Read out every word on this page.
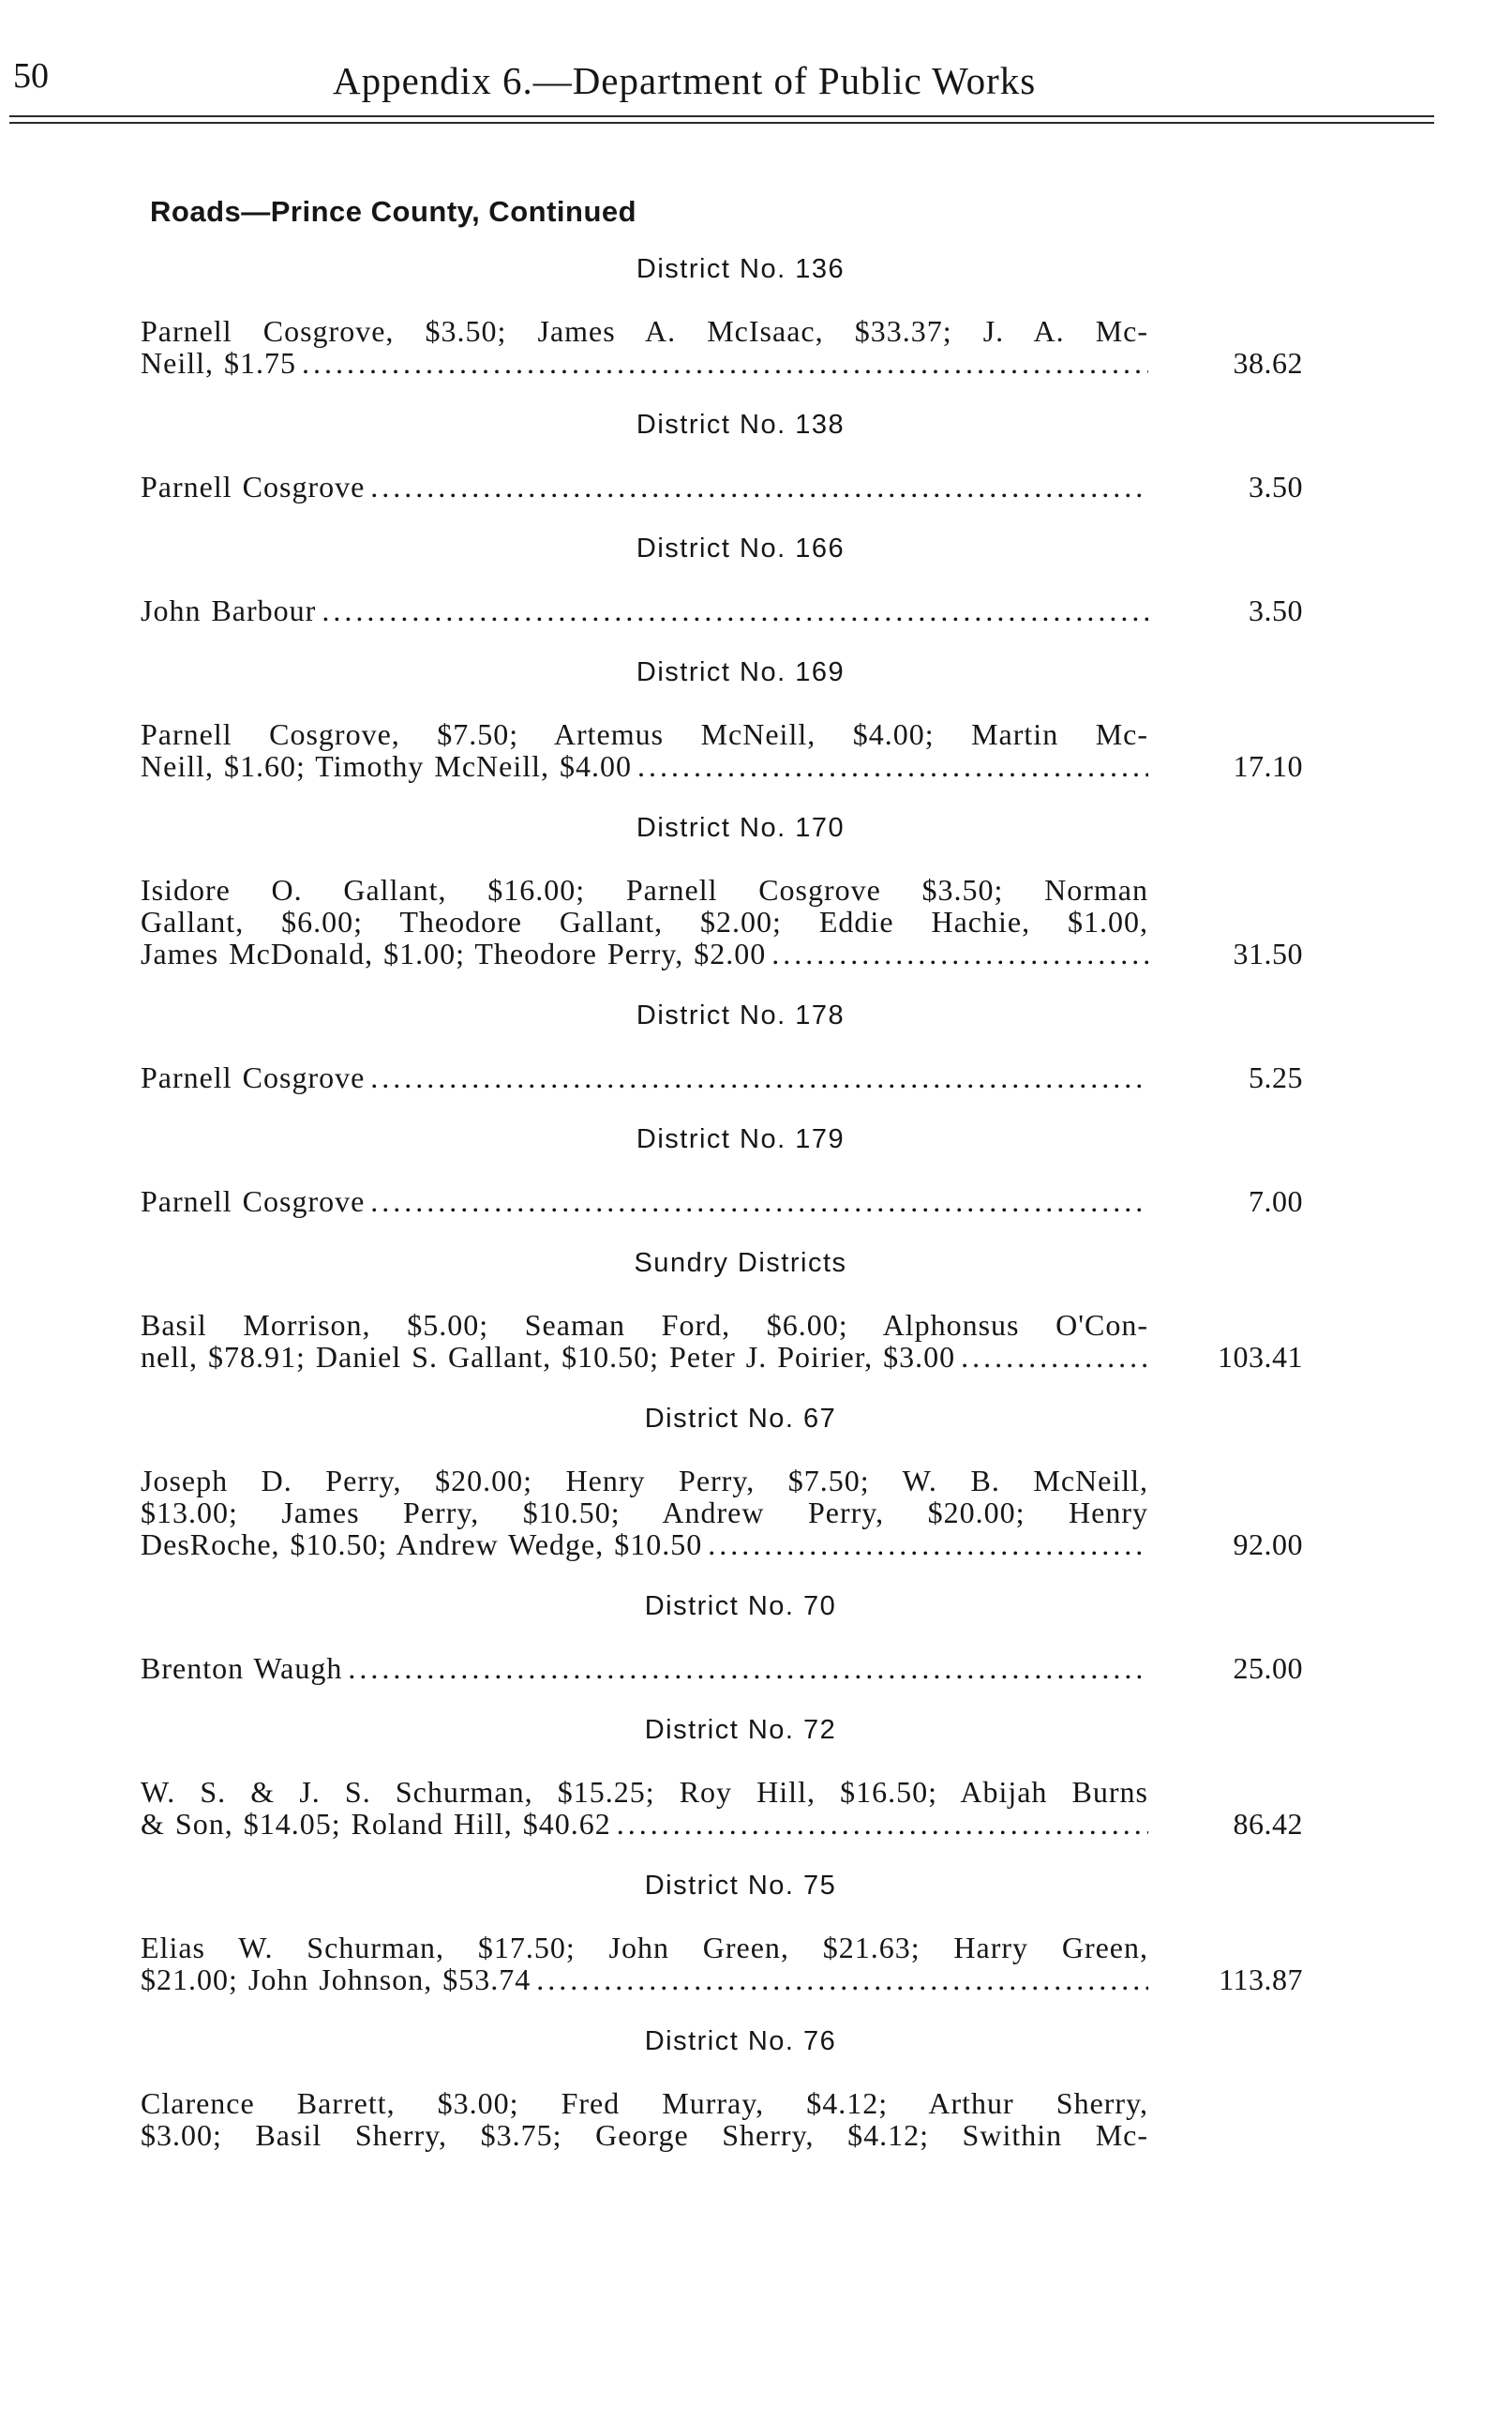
50	Appendix 6.—Department of Public Works
Roads—Prince County, Continued
District No. 136
Parnell Cosgrove, $3.50; James A. McIsaac, $33.37; J. A. Mc-
Neill, $1.75 .....	38.62
District No. 138
Parnell Cosgrove .....	3.50
District No. 166
John Barbour .....	3.50
District No. 169
Parnell Cosgrove, $7.50; Artemus McNeill, $4.00; Martin Mc-
Neill, $1.60; Timothy McNeill, $4.00 .....	17.10
District No. 170
Isidore O. Gallant, $16.00; Parnell Cosgrove $3.50; Norman
Gallant, $6.00; Theodore Gallant, $2.00; Eddie Hachie, $1.00,
James McDonald, $1.00; Theodore Perry, $2.00 .....	31.50
District No. 178
Parnell Cosgrove .....	5.25
District No. 179
Parnell Cosgrove .....	7.00
Sundry Districts
Basil Morrison, $5.00; Seaman Ford, $6.00; Alphonsus O'Con-
nell, $78.91; Daniel S. Gallant, $10.50; Peter J. Poirier, $3.00 .....	103.41
District No. 67
Joseph D. Perry, $20.00; Henry Perry, $7.50; W. B. McNeill,
$13.00; James Perry, $10.50; Andrew Perry, $20.00; Henry
DesRoche, $10.50; Andrew Wedge, $10.50 .....	92.00
District No. 70
Brenton Waugh .....	25.00
District No. 72
W. S. & J. S. Schurman, $15.25; Roy Hill, $16.50; Abijah Burns
& Son, $14.05; Roland Hill, $40.62 .....	86.42
District No. 75
Elias W. Schurman, $17.50; John Green, $21.63; Harry Green,
$21.00; John Johnson, $53.74 .....	113.87
District No. 76
Clarence Barrett, $3.00; Fred Murray, $4.12; Arthur Sherry,
$3.00; Basil Sherry, $3.75; George Sherry, $4.12; Swithin Mc-
